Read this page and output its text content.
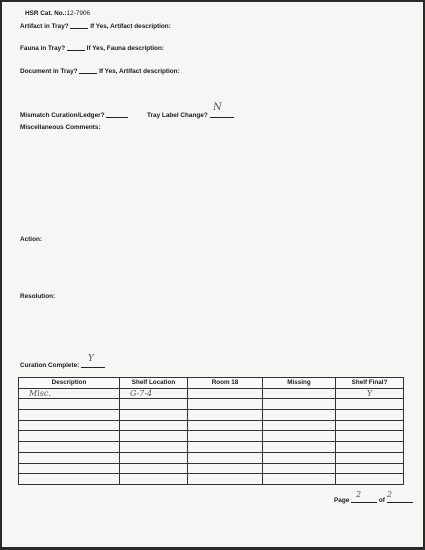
HSR Cat. No.:12-7906
Artifact in Tray?	If Yes, Artifact description:
Fauna in Tray?	If Yes, Fauna description:
Document in Tray?	If Yes, Artifact description:
Mismatch Curation/Ledger?	Tray Label Change?
N
Miscellaneous Comments:
Action:
Resolution:
Curation Complete:
Y
Description	Shelf Location	Room 18	Missing	Shelf Final?

Misc.	G-7-4			Y

Page	of
2	2
